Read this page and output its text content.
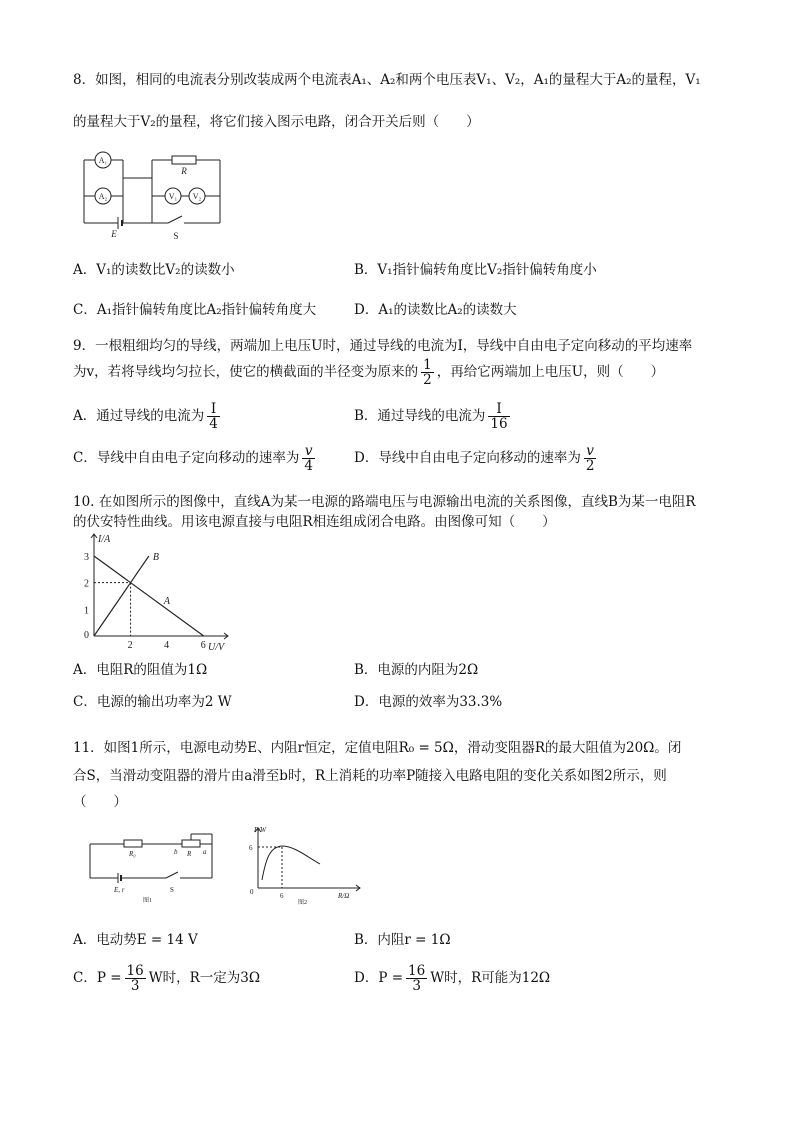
8．如图，相同的电流表分别改装成两个电流表A₁、A₂和两个电压表V₁、V₂，A₁的量程大于A₂的量程，V₁
的量程大于V₂的量程，将它们接入图示电路，闭合开关后则（　　）
A₁
A₂	V₁ V₂
R
E	S
A．V₁的读数比V₂的读数小	B．V₁指针偏转角度比V₂指针偏转角度小
C．A₁指针偏转角度比A₂指针偏转角度大	D．A₁的读数比A₂的读数大
9．一根粗细均匀的导线，两端加上电压U时，通过导线的电流为I，导线中自由电子定向移动的平均速率
为v，若将导线均匀拉长，使它的横截面的半径变为原来的 $\frac{1}{2}$ ，再给它两端加上电压U，则（　　）
A．通过导线的电流为 $\frac{I}{4}$	B．通过导线的电流为 $\frac{I}{16}$
C．导线中自由电子定向移动的速率为 $\frac{v}{4}$	D．导线中自由电子定向移动的速率为 $\frac{v}{2}$
10. 在如图所示的图像中，直线A为某一电源的路端电压与电源输出电流的关系图像，直线B为某一电阻R
的伏安特性曲线。用该电源直接与电阻R相连组成闭合电路。由图像可知（　　）
I/A
U/V
0
2	4	6
1
2
3
A
B
A．电阻R的阻值为1Ω	B．电源的内阻为2Ω
C．电源的输出功率为2 W	D．电源的效率为33.3%
11．如图1所示，电源电动势E、内阻r恒定，定值电阻R₀ = 5Ω，滑动变阻器R的最大阻值为20Ω。闭
合S，当滑动变阻器的滑片由a滑至b时，R上消耗的功率P随接入电路电阻的变化关系如图2所示，则
（　　）
R₀	b R a
E, r	S
图1
P/W
R/Ω
6
6
0
图2
A．电动势E = 14 V	B．内阻r = 1Ω
C．$P = \frac{16}{3}$ W时，R一定为3Ω	D．$P = \frac{16}{3}$ W时，R可能为12Ω
